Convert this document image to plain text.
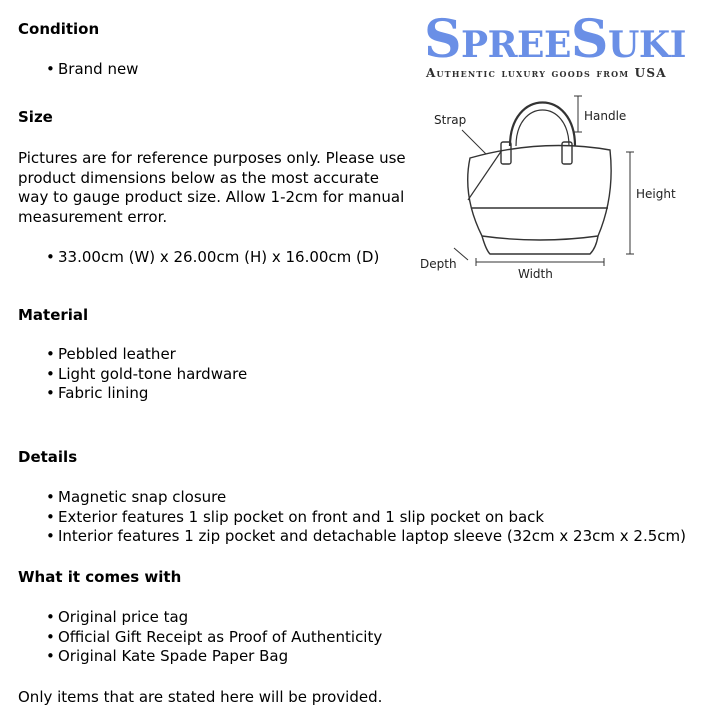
SpreeSuki
Authentic luxury goods from USA
Strap	Handle
Height
Depth
Width
Condition
• Brand new
Size

Pictures are for reference purposes only. Please use product dimensions below as the most accurate way to gauge product size. Allow 1-2cm for manual measurement error.

• 33.00cm (W) x 26.00cm (H) x 16.00cm (D)
Material
• Pebbled leather
• Light gold-tone hardware
• Fabric lining
Details
• Magnetic snap closure
• Exterior features 1 slip pocket on front and 1 slip pocket on back
• Interior features 1 zip pocket and detachable laptop sleeve (32cm x 23cm x 2.5cm)
What it comes with
• Original price tag
• Official Gift Receipt as Proof of Authenticity
• Original Kate Spade Paper Bag

Only items that are stated here will be provided.
